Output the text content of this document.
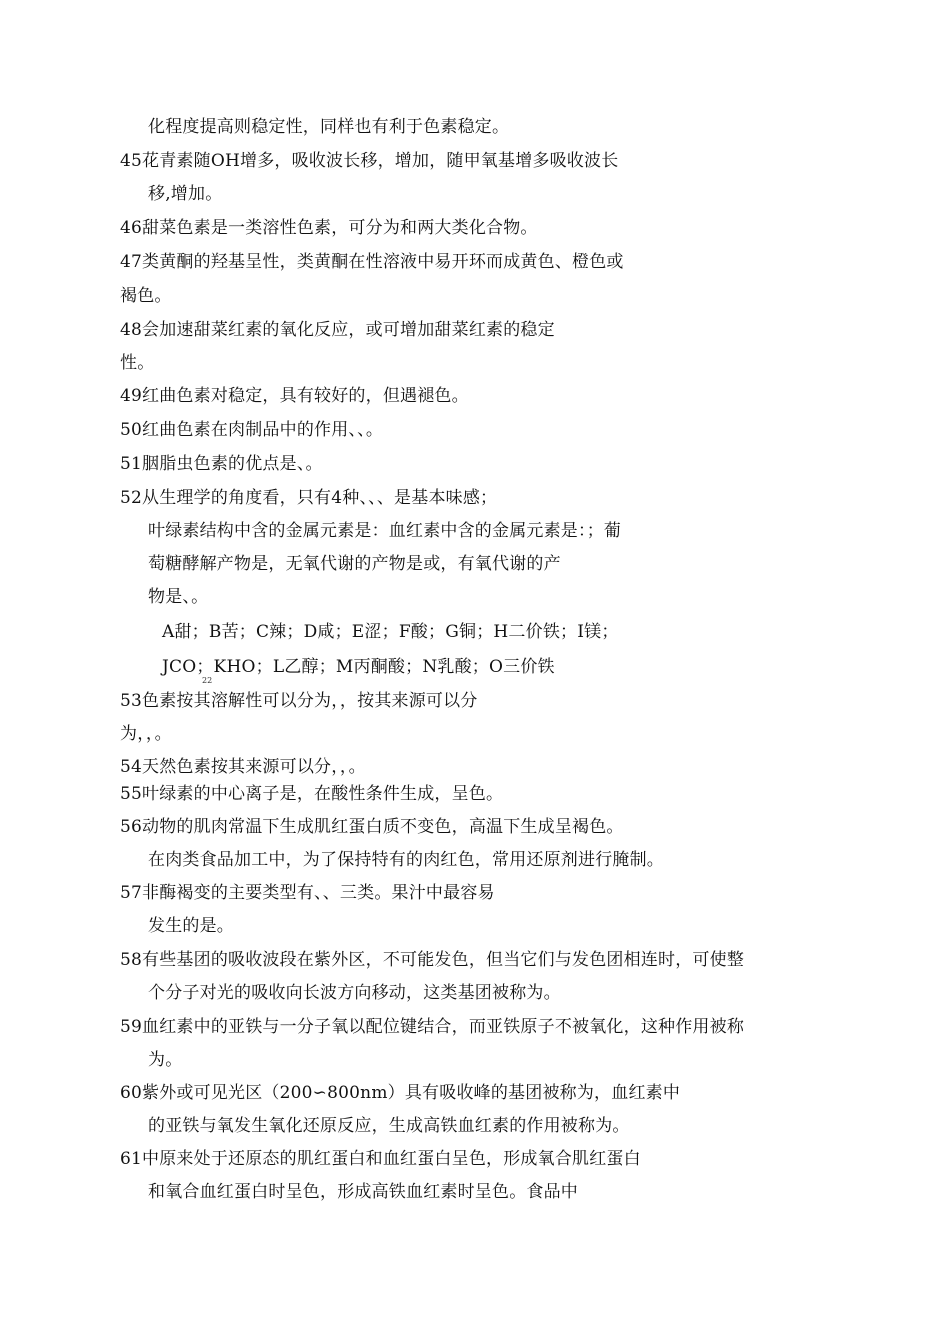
化程度提高则稳定性，同样也有利于色素稳定。
45花青素随OH增多，吸收波长移，增加，随甲氧基增多吸收波长
移,增加。
46甜菜色素是一类溶性色素，可分为和两大类化合物。
47类黄酮的羟基呈性，类黄酮在性溶液中易开环而成黄色、橙色或
褐色。
48会加速甜菜红素的氧化反应，或可增加甜菜红素的稳定
性。
49红曲色素对稳定，具有较好的，但遇褪色。
50红曲色素在肉制品中的作用、、。
51胭脂虫色素的优点是、。
52从生理学的角度看，只有4种、、、是基本味感；
叶绿素结构中含的金属元素是：血红素中含的金属元素是：；葡
萄糖酵解产物是，无氧代谢的产物是或，有氧代谢的产
物是、。
A甜；B苦；C辣；D咸；E涩；F酸；G铜；H二价铁；I镁；
JCO；KHO；L乙醇；M丙酮酸；N乳酸；O三价铁
22
53色素按其溶解性可以分为，，按其来源可以分
为，，。
54天然色素按其来源可以分，，。
55叶绿素的中心离子是，在酸性条件生成，呈色。
56动物的肌肉常温下生成肌红蛋白质不变色，高温下生成呈褐色。
在肉类食品加工中，为了保持特有的肉红色，常用还原剂进行腌制。
57非酶褐变的主要类型有、、三类。果汁中最容易
发生的是。
58有些基团的吸收波段在紫外区，不可能发色，但当它们与发色团相连时，可使整
个分子对光的吸收向长波方向移动，这类基团被称为。
59血红素中的亚铁与一分子氧以配位键结合，而亚铁原子不被氧化，这种作用被称
为。
60紫外或可见光区（200∽800nm）具有吸收峰的基团被称为，血红素中
的亚铁与氧发生氧化还原反应，生成高铁血红素的作用被称为。
61中原来处于还原态的肌红蛋白和血红蛋白呈色，形成氧合肌红蛋白
和氧合血红蛋白时呈色，形成高铁血红素时呈色。食品中
